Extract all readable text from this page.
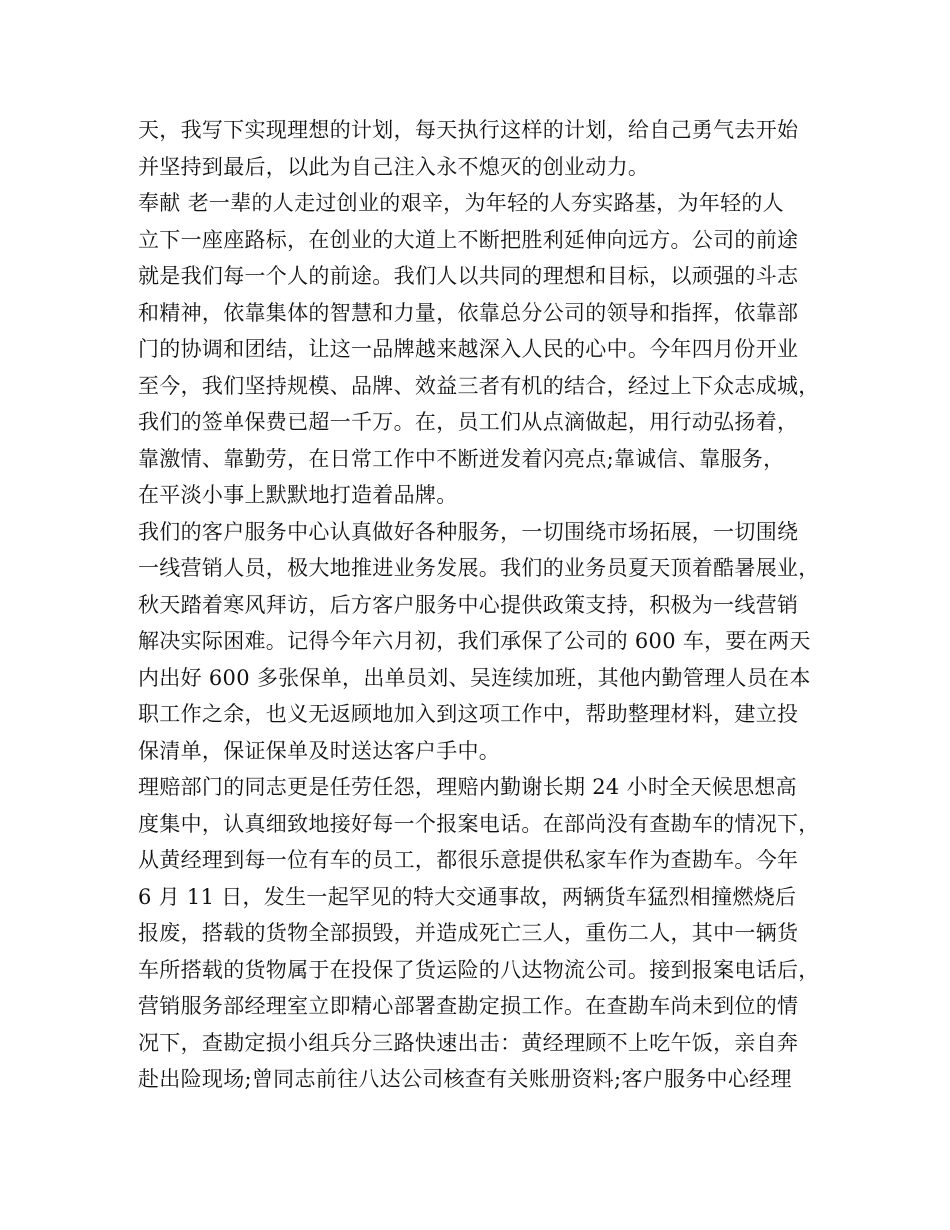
天，我写下实现理想的计划，每天执行这样的计划，给自己勇气去开始
并坚持到最后，以此为自己注入永不熄灭的创业动力。
奉献 老一辈的人走过创业的艰辛，为年轻的人夯实路基，为年轻的人
立下一座座路标，在创业的大道上不断把胜利延伸向远方。公司的前途
就是我们每一个人的前途。我们人以共同的理想和目标，以顽强的斗志
和精神，依靠集体的智慧和力量，依靠总分公司的领导和指挥，依靠部
门的协调和团结，让这一品牌越来越深入人民的心中。今年四月份开业
至今，我们坚持规模、品牌、效益三者有机的结合，经过上下众志成城，
我们的签单保费已超一千万。在，员工们从点滴做起，用行动弘扬着，
靠激情、靠勤劳，在日常工作中不断迸发着闪亮点;靠诚信、靠服务，
在平淡小事上默默地打造着品牌。
我们的客户服务中心认真做好各种服务，一切围绕市场拓展，一切围绕
一线营销人员，极大地推进业务发展。我们的业务员夏天顶着酷暑展业，
秋天踏着寒风拜访，后方客户服务中心提供政策支持，积极为一线营销
解决实际困难。记得今年六月初，我们承保了公司的 600 车，要在两天
内出好 600 多张保单，出单员刘、吴连续加班，其他内勤管理人员在本
职工作之余，也义无返顾地加入到这项工作中，帮助整理材料，建立投
保清单，保证保单及时送达客户手中。
理赔部门的同志更是任劳任怨，理赔内勤谢长期 24 小时全天候思想高
度集中，认真细致地接好每一个报案电话。在部尚没有查勘车的情况下，
从黄经理到每一位有车的员工，都很乐意提供私家车作为查勘车。今年
6 月 11 日，发生一起罕见的特大交通事故，两辆货车猛烈相撞燃烧后
报废，搭载的货物全部损毁，并造成死亡三人，重伤二人，其中一辆货
车所搭载的货物属于在投保了货运险的八达物流公司。接到报案电话后，
营销服务部经理室立即精心部署查勘定损工作。在查勘车尚未到位的情
况下，查勘定损小组兵分三路快速出击：黄经理顾不上吃午饭，亲自奔
赴出险现场;曾同志前往八达公司核查有关账册资料;客户服务中心经理
